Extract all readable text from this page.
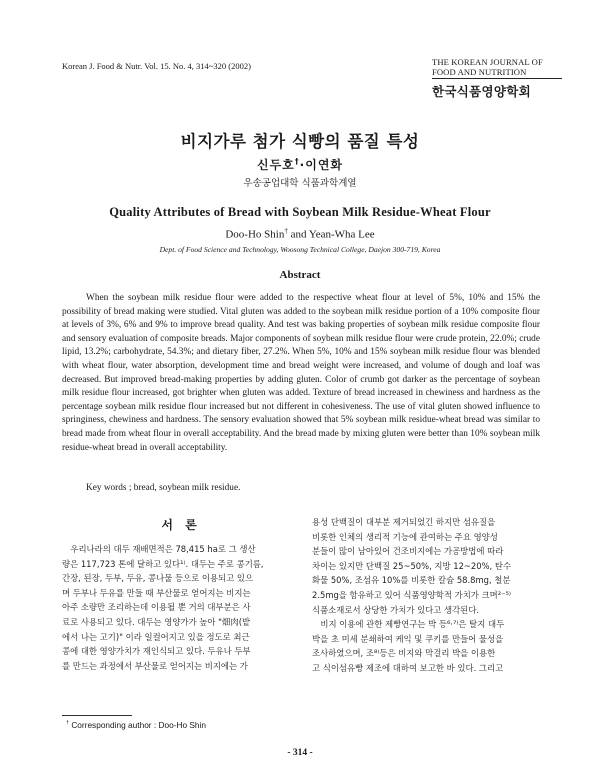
Korean J. Food & Nutr. Vol. 15. No. 4, 314~320 (2002)	THE KOREAN JOURNAL OF
FOOD AND NUTRITION
한국식품영양학회
비지가루 첨가 식빵의 품질 특성
신두호†·이연화
우송공업대학 식품과학계열
Quality Attributes of Bread with Soybean Milk Residue-Wheat Flour
Doo-Ho Shin† and Yean-Wha Lee
Dept. of Food Science and Technology, Woosong Technical College, Daejon 300-719, Korea
Abstract

When the soybean milk residue flour were added to the respective wheat flour at level of 5%, 10% and 15% the possibility of bread making were studied. Vital gluten was added to the soybean milk residue portion of a 10% composite flour at levels of 3%, 6% and 9% to improve bread quality. And test was baking properties of soybean milk residue composite flour and sensory evaluation of composite breads. Major components of soybean milk residue flour were crude protein, 22.0%; crude lipid, 13.2%; carbohydrate, 54.3%; and dietary fiber, 27.2%. When 5%, 10% and 15% soybean milk residue flour was blended with wheat flour, water absorption, development time and bread weight were increased, and volume of dough and loaf was decreased. But improved bread-making properties by adding gluten. Color of crumb got darker as the percentage of soybean milk residue flour increased, got brighter when gluten was added. Texture of bread increased in chewiness and hardness as the percentage soybean milk residue flour increased but not different in cohesiveness. The use of vital gluten showed influence to springiness, chewiness and hardness. The sensory evaluation showed that 5% soybean milk residue-wheat bread was similar to bread made from wheat flour in overall acceptability. And the bread made by mixing gluten were better than 10% soybean milk residue-wheat bread in overall acceptability.

Key words ; bread, soybean milk residue.
서 론
　우리나라의 대두 재배면적은 78,415 ha로 그 생산
량은 117,723 톤에 달하고 있다¹⁾. 대두는 주로 콩기름,
간장, 된장, 두부, 두유, 콩나물 등으로 이용되고 있으
며 두부나 두유를 만들 때 부산물로 얻어지는 비지는
아주 소량만 조리하는데 이용될 뿐 거의 대부분은 사
료로 사용되고 있다. 대두는 영양가가 높아 "畑肉(밭
에서 나는 고기)" 이라 일컬어지고 있을 정도로 최근
콩에 대한 영양가치가 재인식되고 있다. 두유나 두부
를 만드는 과정에서 부산물로 얻어지는 비지에는 가
용성 단백질이 대부분 제거되었긴 하지만 섬유질을
비롯한 인체의 생리적 기능에 관여하는 주요 영양성
분들이 많이 남아있어 건조비지에는 가공방법에 따라
차이는 있지만 단백질 25~50%, 지방 12~20%, 탄수
화물 50%, 조섬유 10%를 비롯한 칼슘 58.8mg, 철분
2.5mg을 함유하고 있어 식품영양학적 가치가 크며²⁻⁵⁾
식품소재로서 상당한 가치가 있다고 생각된다.
　비지 이용에 관한 제빵연구는 박 등⁶·⁷⁾은 탈지 대두
박을 초 미세 분쇄하여 케익 및 쿠키를 만들어 물성을
조사하였으며, 조⁸⁾등은 비지와 막걸리 박을 이용한
고 식이섬유빵 제조에 대하여 보고한 바 있다. 그리고
† Corresponding author : Doo-Ho Shin
- 314 -
